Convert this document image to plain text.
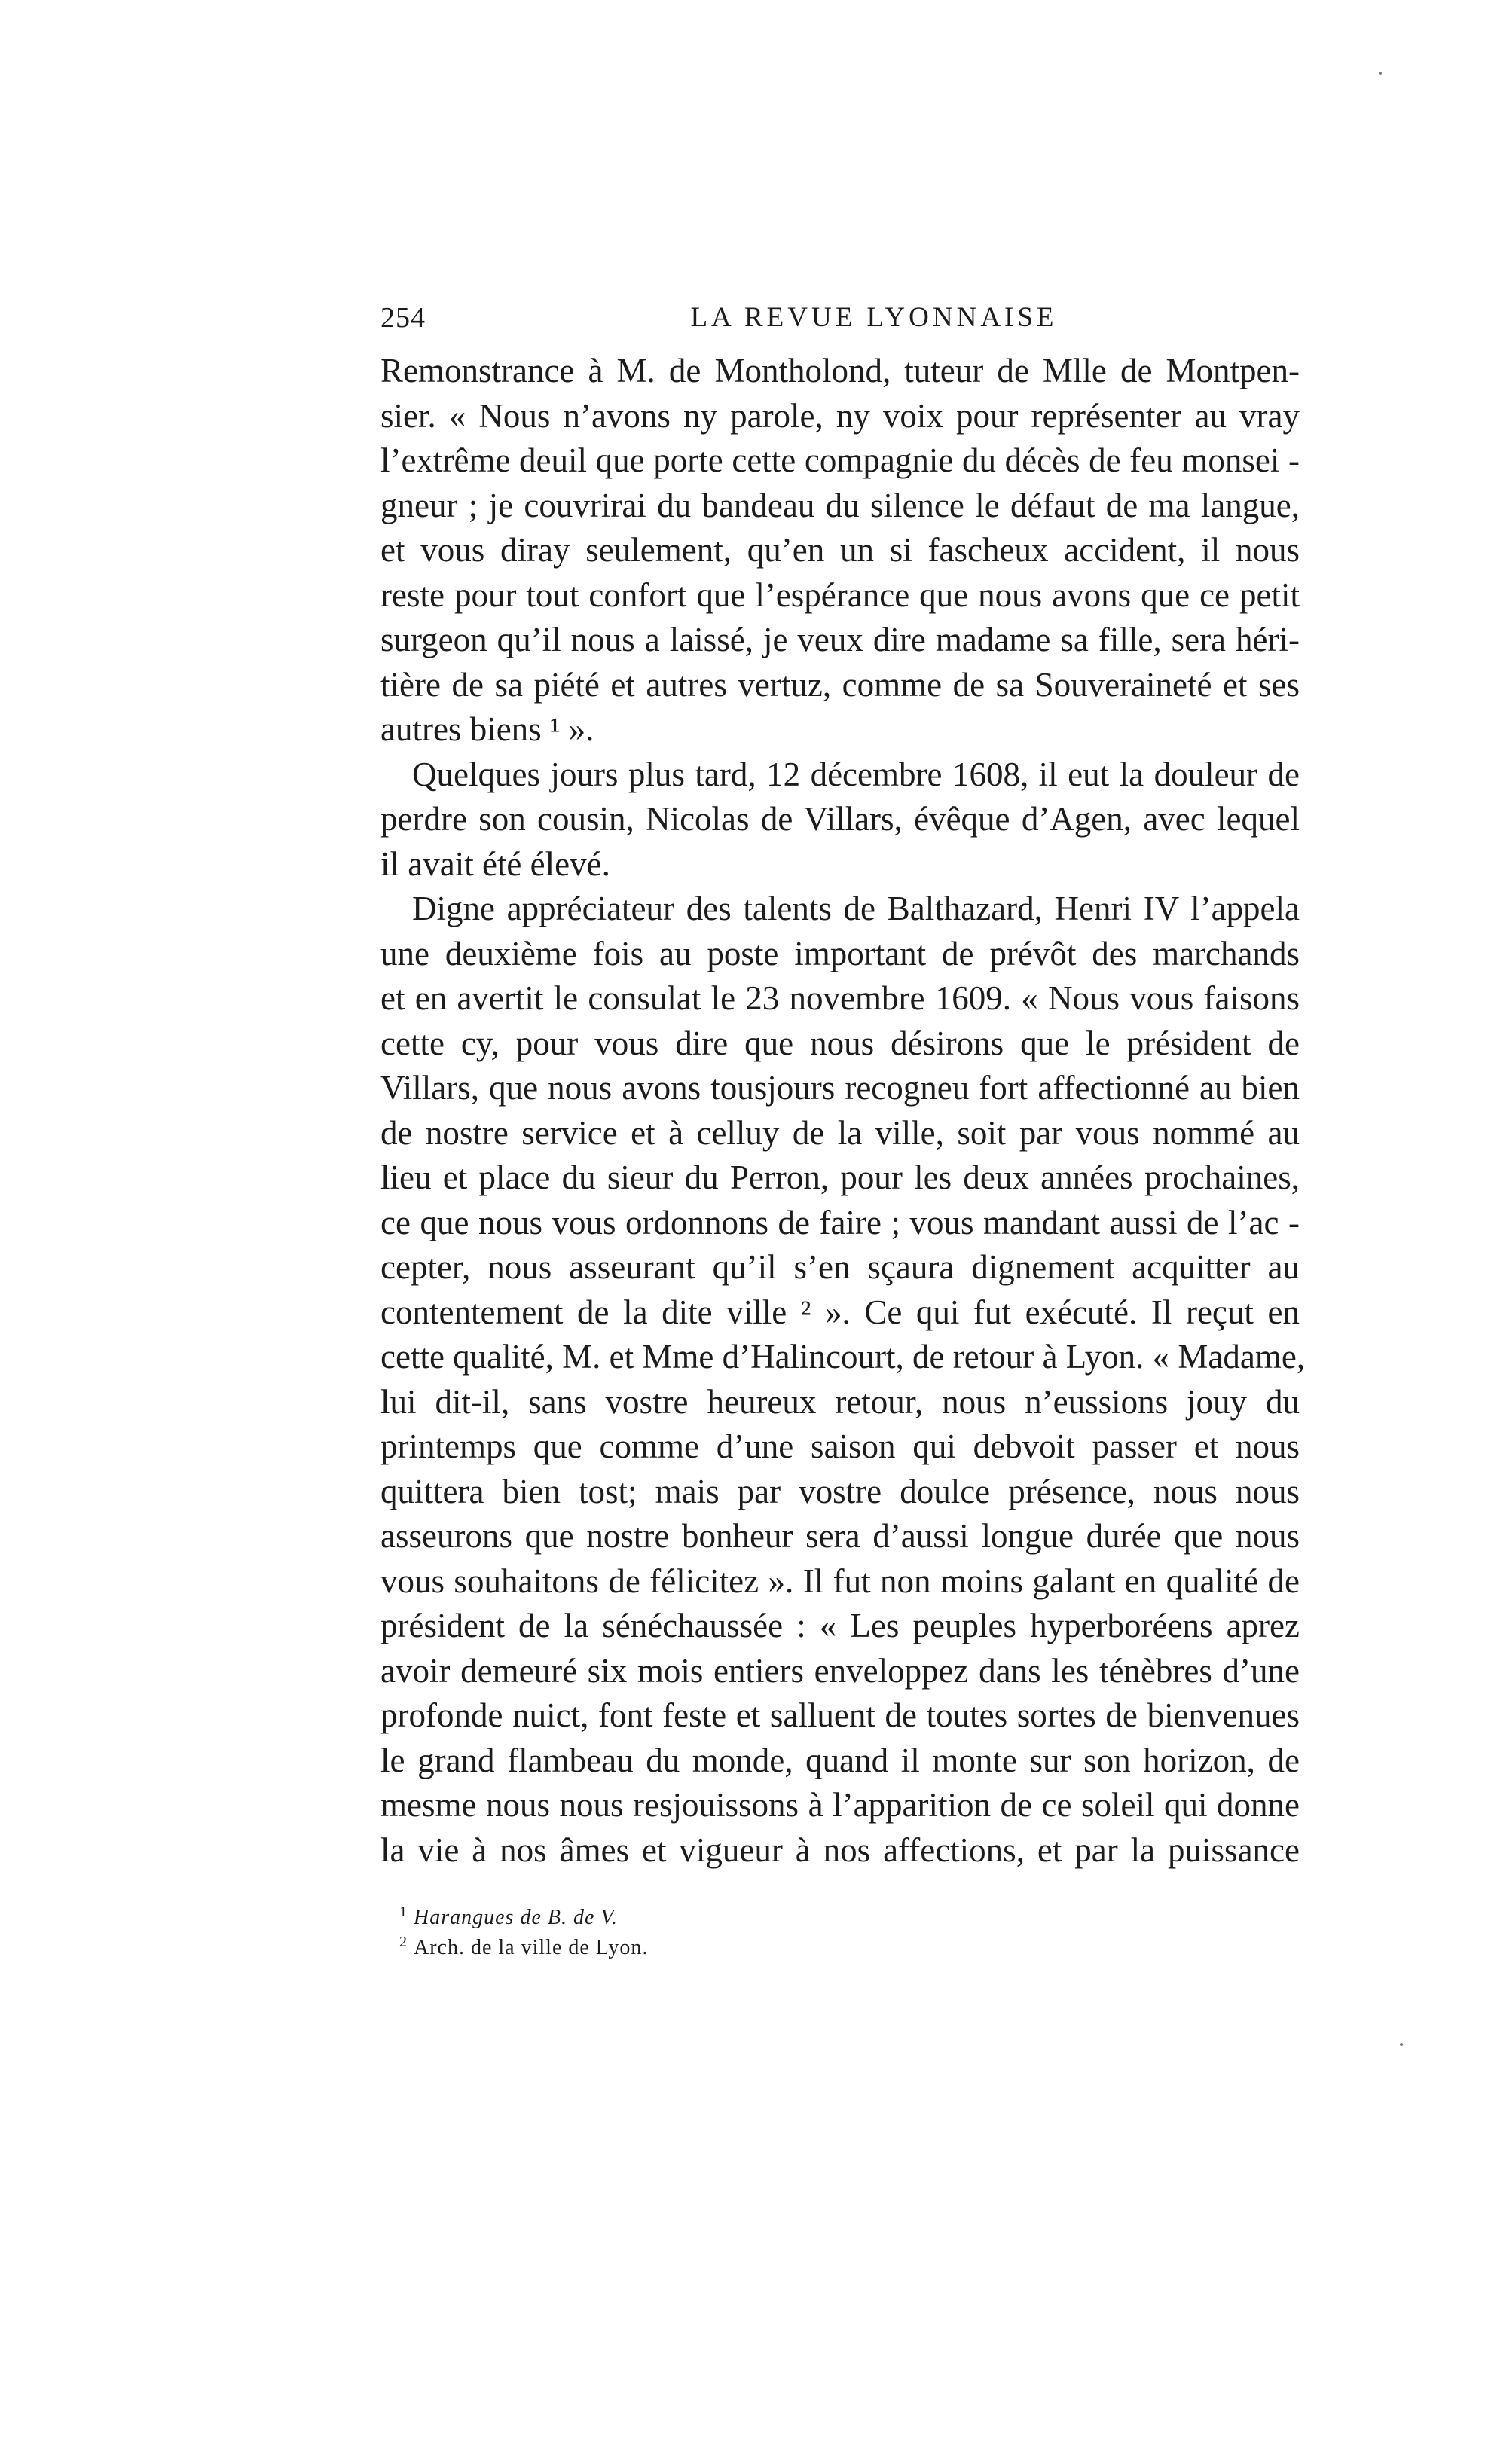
254	LA REVUE LYONNAISE
Remonstrance à M. de Montholond, tuteur de Mlle de Montpen-
sier. « Nous n’avons ny parole, ny voix pour représenter au vray
l’extrême deuil que porte cette compagnie du décès de feu monsei -
gneur ; je couvrirai du bandeau du silence le défaut de ma langue,
et vous diray seulement, qu’en un si fascheux accident, il nous
reste pour tout confort que l’espérance que nous avons que ce petit
surgeon qu’il nous a laissé, je veux dire madame sa fille, sera héri-
tière de sa piété et autres vertuz, comme de sa Souveraineté et ses
autres biens ¹ ».
Quelques jours plus tard, 12 décembre 1608, il eut la douleur de
perdre son cousin, Nicolas de Villars, évêque d’Agen, avec lequel
il avait été élevé.
Digne appréciateur des talents de Balthazard, Henri IV l’appela
une deuxième fois au poste important de prévôt des marchands
et en avertit le consulat le 23 novembre 1609. « Nous vous faisons
cette cy, pour vous dire que nous désirons que le président de
Villars, que nous avons tousjours recogneu fort affectionné au bien
de nostre service et à celluy de la ville, soit par vous nommé au
lieu et place du sieur du Perron, pour les deux années prochaines,
ce que nous vous ordonnons de faire ; vous mandant aussi de l’ac -
cepter, nous asseurant qu’il s’en sçaura dignement acquitter au
contentement de la dite ville ² ». Ce qui fut exécuté. Il reçut en
cette qualité, M. et Mme d’Halincourt, de retour à Lyon. « Madame,
lui dit-il, sans vostre heureux retour, nous n’eussions jouy du
printemps que comme d’une saison qui debvoit passer et nous
quittera bien tost; mais par vostre doulce présence, nous nous
asseurons que nostre bonheur sera d’aussi longue durée que nous
vous souhaitons de félicitez ». Il fut non moins galant en qualité de
président de la sénéchaussée : « Les peuples hyperboréens aprez
avoir demeuré six mois entiers enveloppez dans les ténèbres d’une
profonde nuict, font feste et salluent de toutes sortes de bienvenues
le grand flambeau du monde, quand il monte sur son horizon, de
mesme nous nous resjouissons à l’apparition de ce soleil qui donne
la vie à nos âmes et vigueur à nos affections, et par la puissance
$^1$ Harangues de B. de V.
$^2$ Arch. de la ville de Lyon.
